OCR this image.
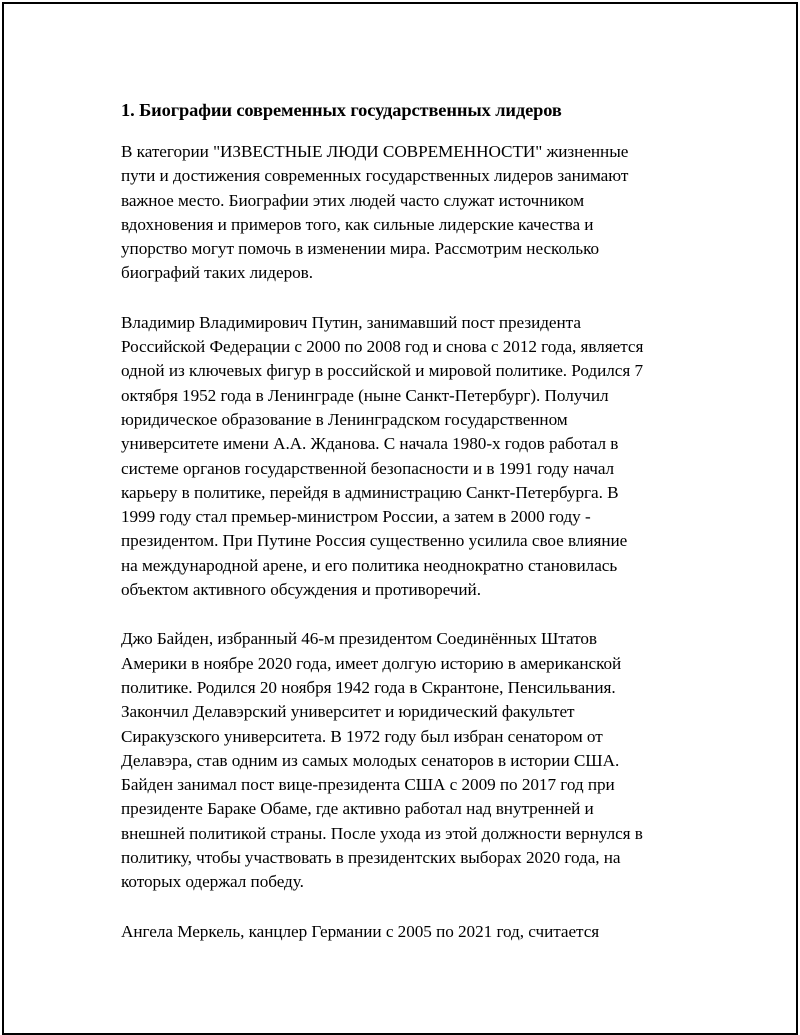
1. Биографии современных государственных лидеров

В категории "ИЗВЕСТНЫЕ ЛЮДИ СОВРЕМЕННОСТИ" жизненные
пути и достижения современных государственных лидеров занимают
важное место. Биографии этих людей часто служат источником
вдохновения и примеров того, как сильные лидерские качества и
упорство могут помочь в изменении мира. Рассмотрим несколько
биографий таких лидеров.

Владимир Владимирович Путин, занимавший пост президента
Российской Федерации с 2000 по 2008 год и снова с 2012 года, является
одной из ключевых фигур в российской и мировой политике. Родился 7
октября 1952 года в Ленинграде (ныне Санкт-Петербург). Получил
юридическое образование в Ленинградском государственном
университете имени А.А. Жданова. С начала 1980-х годов работал в
системе органов государственной безопасности и в 1991 году начал
карьеру в политике, перейдя в администрацию Санкт-Петербурга. В
1999 году стал премьер-министром России, а затем в 2000 году -
президентом. При Путине Россия существенно усилила свое влияние
на международной арене, и его политика неоднократно становилась
объектом активного обсуждения и противоречий.

Джо Байден, избранный 46-м президентом Соединённых Штатов
Америки в ноябре 2020 года, имеет долгую историю в американской
политике. Родился 20 ноября 1942 года в Скрантоне, Пенсильвания.
Закончил Делавэрский университет и юридический факультет
Сиракузского университета. В 1972 году был избран сенатором от
Делавэра, став одним из самых молодых сенаторов в истории США.
Байден занимал пост вице-президента США с 2009 по 2017 год при
президенте Бараке Обаме, где активно работал над внутренней и
внешней политикой страны. После ухода из этой должности вернулся в
политику, чтобы участвовать в президентских выборах 2020 года, на
которых одержал победу.

Ангела Меркель, канцлер Германии с 2005 по 2021 год, считается
